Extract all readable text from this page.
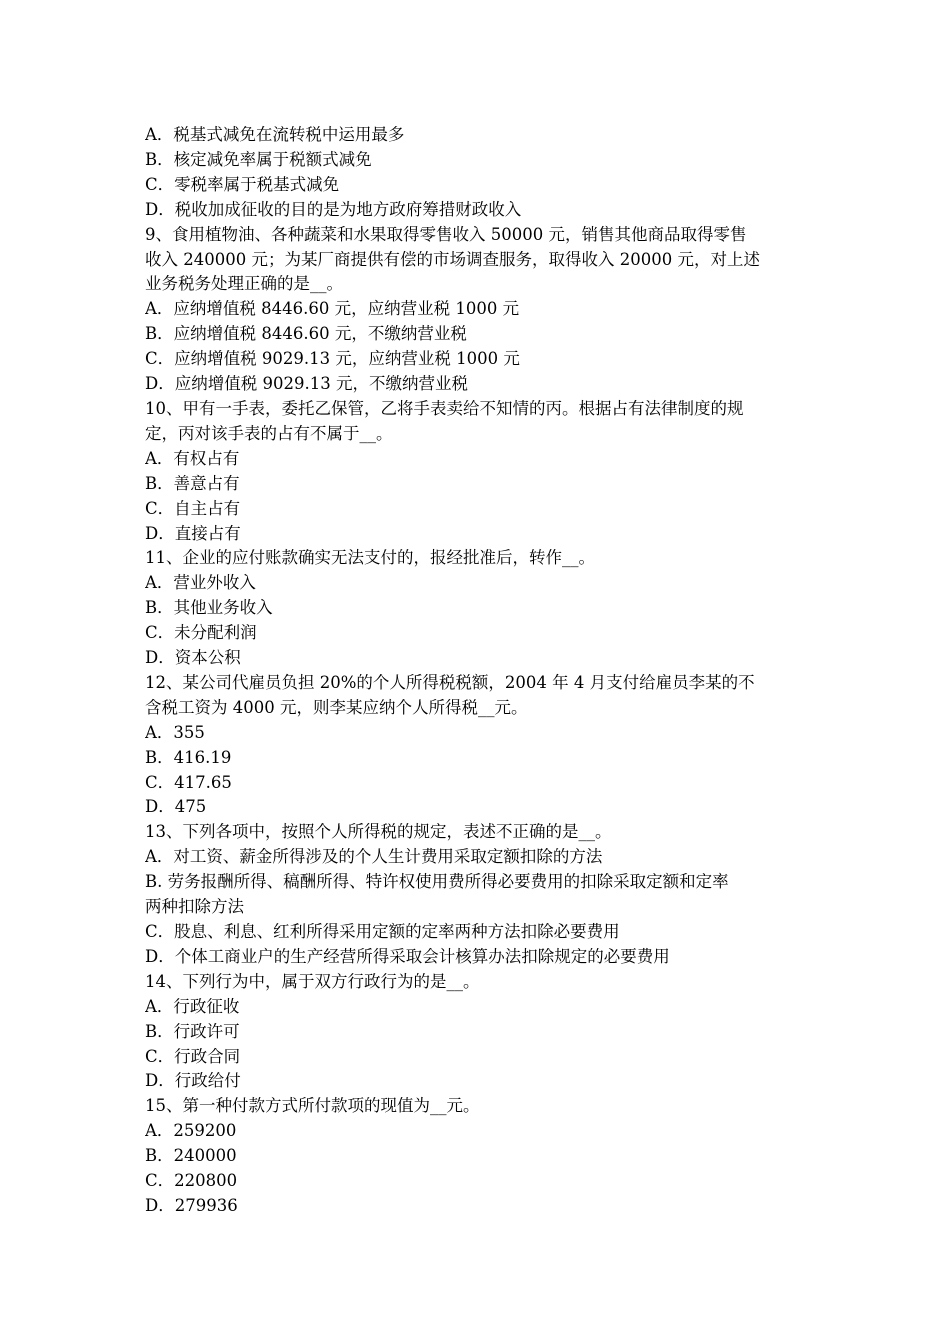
A．税基式减免在流转税中运用最多
B．核定减免率属于税额式减免
C．零税率属于税基式减免
D．税收加成征收的目的是为地方政府筹措财政收入
9、食用植物油、各种蔬菜和水果取得零售收入 50000 元，销售其他商品取得零售
收入 240000 元；为某厂商提供有偿的市场调查服务，取得收入 20000 元，对上述
业务税务处理正确的是__。
A．应纳增值税 8446.60 元，应纳营业税 1000 元
B．应纳增值税 8446.60 元，不缴纳营业税
C．应纳增值税 9029.13 元，应纳营业税 1000 元
D．应纳增值税 9029.13 元，不缴纳营业税
10、甲有一手表，委托乙保管，乙将手表卖给不知情的丙。根据占有法律制度的规
定，丙对该手表的占有不属于__。
A．有权占有
B．善意占有
C．自主占有
D．直接占有
11、企业的应付账款确实无法支付的，报经批准后，转作__。
A．营业外收入
B．其他业务收入
C．未分配利润
D．资本公积
12、某公司代雇员负担 20%的个人所得税税额，2004 年 4 月支付给雇员李某的不
含税工资为 4000 元，则李某应纳个人所得税__元。
A．355
B．416.19
C．417.65
D．475
13、下列各项中，按照个人所得税的规定，表述不正确的是__。
A．对工资、薪金所得涉及的个人生计费用采取定额扣除的方法
B. 劳务报酬所得、稿酬所得、特许权使用费所得必要费用的扣除采取定额和定率
两种扣除方法
C．股息、利息、红利所得采用定额的定率两种方法扣除必要费用
D．个体工商业户的生产经营所得采取会计核算办法扣除规定的必要费用
14、下列行为中，属于双方行政行为的是__。
A．行政征收
B．行政许可
C．行政合同
D．行政给付
15、第一种付款方式所付款项的现值为__元。
A．259200
B．240000
C．220800
D．279936
